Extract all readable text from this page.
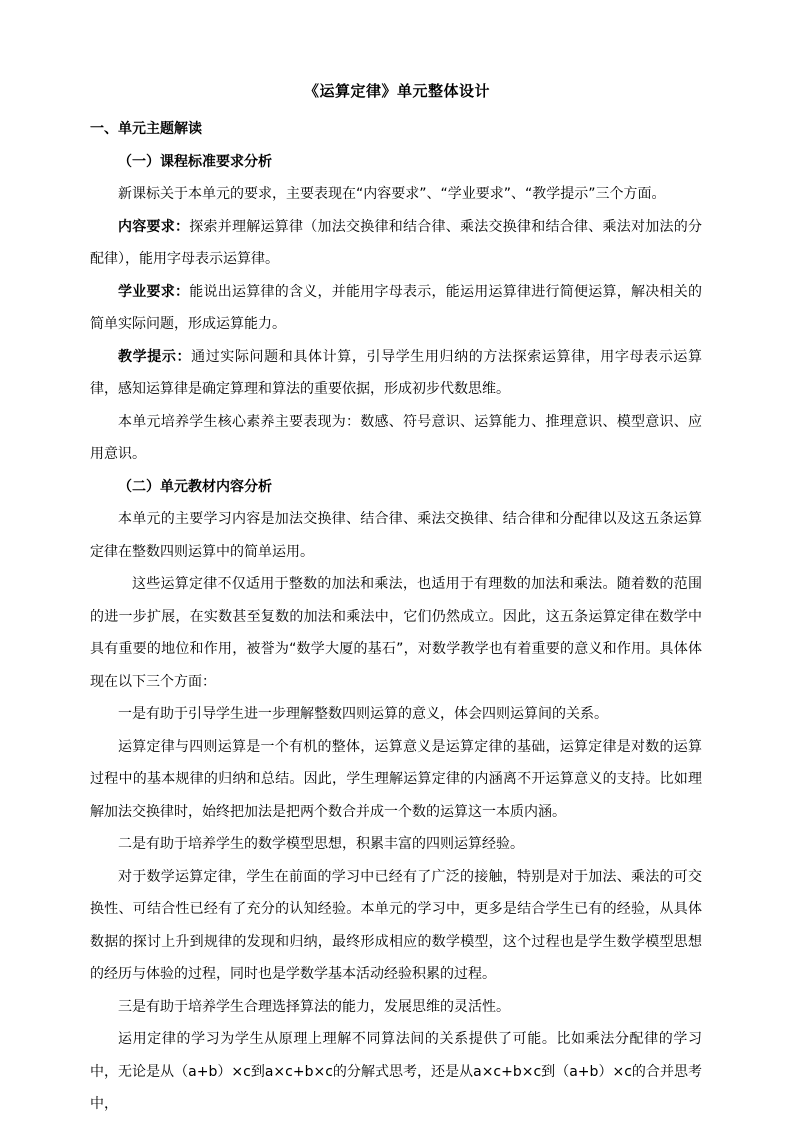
《运算定律》单元整体设计

一、单元主题解读

（一）课程标准要求分析

新课标关于本单元的要求，主要表现在“内容要求”、“学业要求”、“教学提示”三个方面。

内容要求：探索并理解运算律（加法交换律和结合律、乘法交换律和结合律、乘法对加法的分配律），能用字母表示运算律。

学业要求：能说出运算律的含义，并能用字母表示，能运用运算律进行简便运算，解决相关的简单实际问题，形成运算能力。

教学提示：通过实际问题和具体计算，引导学生用归纳的方法探索运算律，用字母表示运算律，感知运算律是确定算理和算法的重要依据，形成初步代数思维。

本单元培养学生核心素养主要表现为：数感、符号意识、运算能力、推理意识、模型意识、应用意识。

（二）单元教材内容分析

本单元的主要学习内容是加法交换律、结合律、乘法交换律、结合律和分配律以及这五条运算定律在整数四则运算中的简单运用。

这些运算定律不仅适用于整数的加法和乘法，也适用于有理数的加法和乘法。随着数的范围的进一步扩展，在实数甚至复数的加法和乘法中，它们仍然成立。因此，这五条运算定律在数学中具有重要的地位和作用，被誉为“数学大厦的基石”，对数学教学也有着重要的意义和作用。具体体现在以下三个方面：

一是有助于引导学生进一步理解整数四则运算的意义，体会四则运算间的关系。

运算定律与四则运算是一个有机的整体，运算意义是运算定律的基础，运算定律是对数的运算过程中的基本规律的归纳和总结。因此，学生理解运算定律的内涵离不开运算意义的支持。比如理解加法交换律时，始终把加法是把两个数合并成一个数的运算这一本质内涵。

二是有助于培养学生的数学模型思想，积累丰富的四则运算经验。

对于数学运算定律，学生在前面的学习中已经有了广泛的接触，特别是对于加法、乘法的可交换性、可结合性已经有了充分的认知经验。本单元的学习中，更多是结合学生已有的经验，从具体数据的探讨上升到规律的发现和归纳，最终形成相应的数学模型，这个过程也是学生数学模型思想的经历与体验的过程，同时也是学数学基本活动经验积累的过程。

三是有助于培养学生合理选择算法的能力，发展思维的灵活性。

运用定律的学习为学生从原理上理解不同算法间的关系提供了可能。比如乘法分配律的学习中，无论是从（a+b）×c到a×c+b×c的分解式思考，还是从a×c+b×c到（a+b）×c的合并思考中，
